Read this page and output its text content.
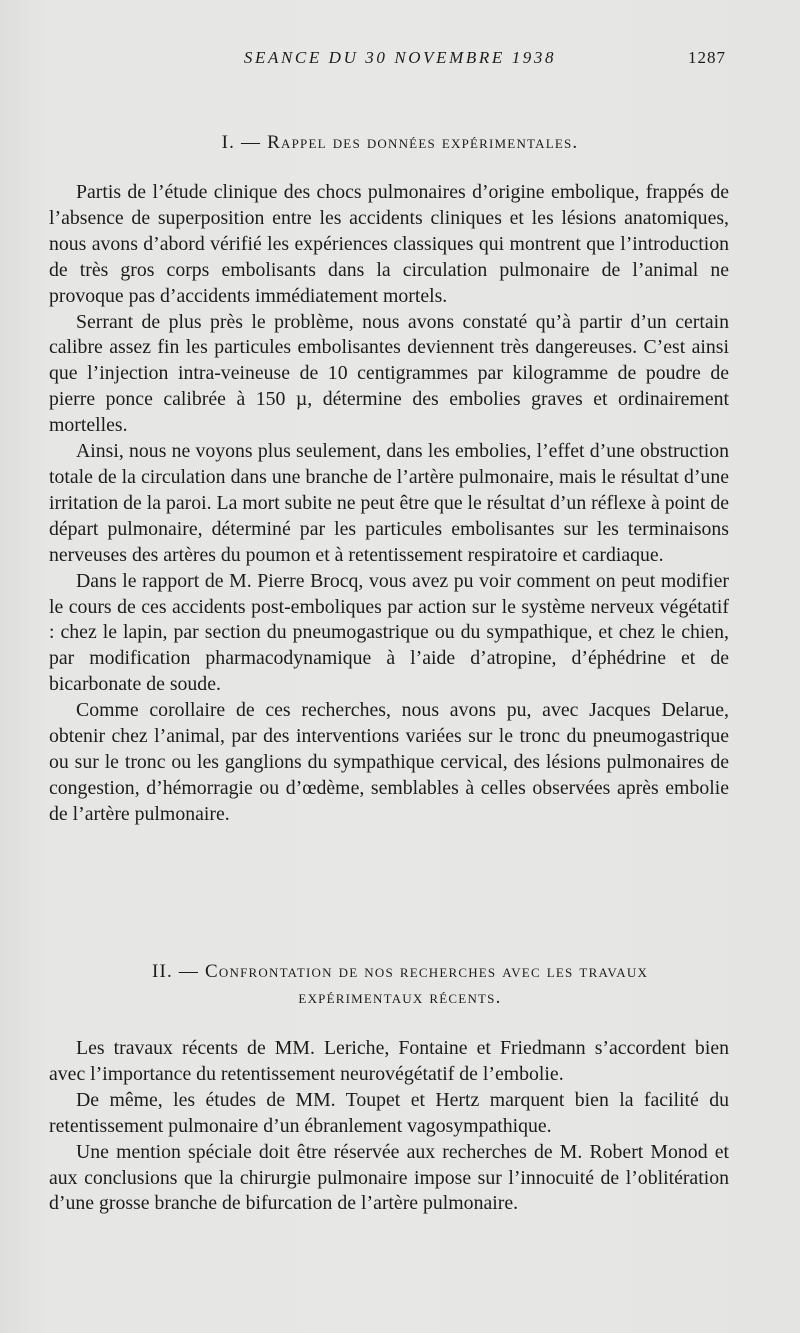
SEANCE DU 30 NOVEMBRE 1938	1287
I. — Rappel des données expérimentales.

Partis de l’étude clinique des chocs pulmonaires d’origine embolique, frappés de l’absence de superposition entre les accidents cliniques et les lésions anatomiques, nous avons d’abord vérifié les expériences classiques qui montrent que l’introduction de très gros corps embolisants dans la circulation pulmonaire de l’animal ne provoque pas d’accidents immédiatement mortels.

Serrant de plus près le problème, nous avons constaté qu’à partir d’un certain calibre assez fin les particules embolisantes deviennent très dangereuses. C’est ainsi que l’injection intra-veineuse de 10 centigrammes par kilogramme de poudre de pierre ponce calibrée à 150 µ, détermine des embolies graves et ordinairement mortelles.

Ainsi, nous ne voyons plus seulement, dans les embolies, l’effet d’une obstruction totale de la circulation dans une branche de l’artère pulmonaire, mais le résultat d’une irritation de la paroi. La mort subite ne peut être que le résultat d’un réflexe à point de départ pulmonaire, déterminé par les particules embolisantes sur les terminaisons nerveuses des artères du poumon et à retentissement respiratoire et cardiaque.

Dans le rapport de M. Pierre Brocq, vous avez pu voir comment on peut modifier le cours de ces accidents post-emboliques par action sur le système nerveux végétatif : chez le lapin, par section du pneumogastrique ou du sympathique, et chez le chien, par modification pharmacodynamique à l’aide d’atropine, d’éphédrine et de bicarbonate de soude.

Comme corollaire de ces recherches, nous avons pu, avec Jacques Delarue, obtenir chez l’animal, par des interventions variées sur le tronc du pneumogastrique ou sur le tronc ou les ganglions du sympathique cervical, des lésions pulmonaires de congestion, d’hémorragie ou d’œdème, semblables à celles observées après embolie de l’artère pulmonaire.

II. — Confrontation de nos recherches avec les travaux
expérimentaux récents.

Les travaux récents de MM. Leriche, Fontaine et Friedmann s’accordent bien avec l’importance du retentissement neurovégétatif de l’embolie.

De même, les études de MM. Toupet et Hertz marquent bien la facilité du retentissement pulmonaire d’un ébranlement vagosympathique.

Une mention spéciale doit être réservée aux recherches de M. Robert Monod et aux conclusions que la chirurgie pulmonaire impose sur l’innocuité de l’oblitération d’une grosse branche de bifurcation de l’artère pulmonaire.
